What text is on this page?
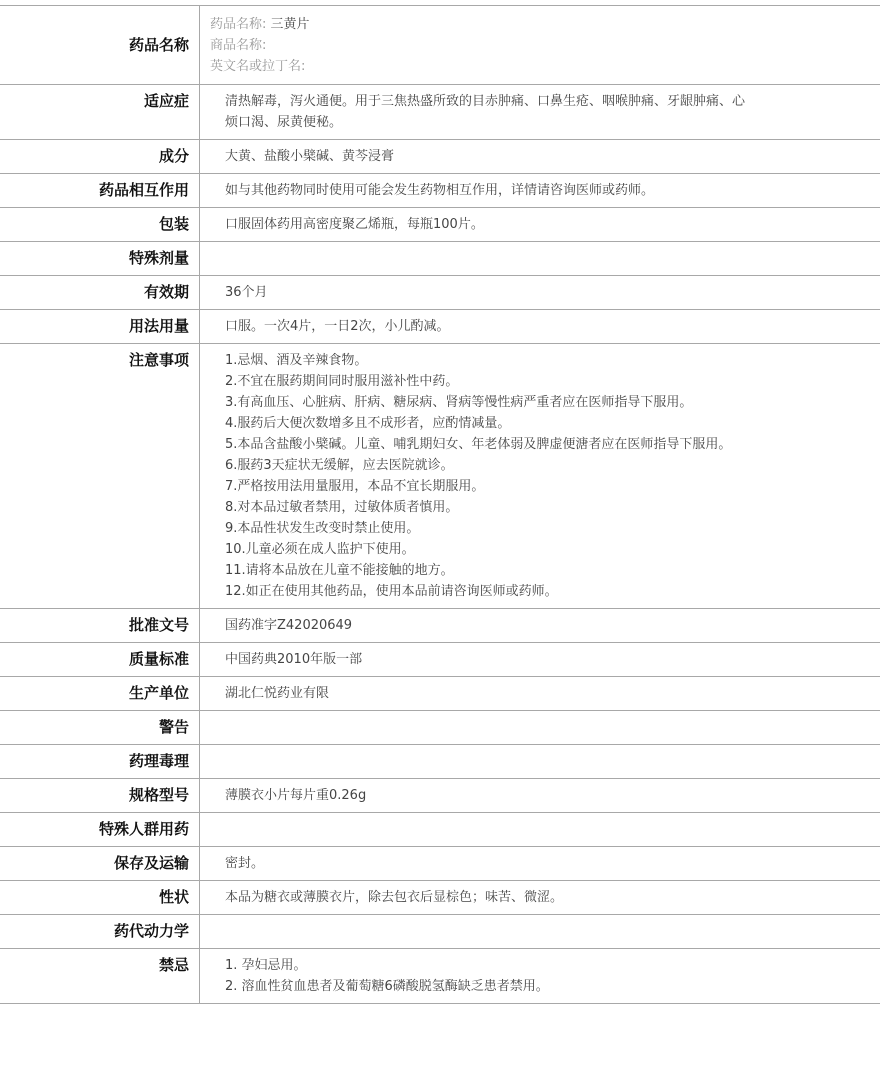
药品名称
药品名称: 三黄片
商品名称:
英文名或拉丁名:
适应症	清热解毒，泻火通便。用于三焦热盛所致的目赤肿痛、口鼻生疮、咽喉肿痛、牙龈肿痛、心
烦口渴、尿黄便秘。
成分	大黄、盐酸小檗碱、黄芩浸膏
药品相互作用	如与其他药物同时使用可能会发生药物相互作用，详情请咨询医师或药师。
包装	口服固体药用高密度聚乙烯瓶，每瓶100片。
特殊剂量

有效期	36个月
用法用量	口服。一次4片，一日2次，小儿酌减。
注意事项	1.忌烟、酒及辛辣食物。
2.不宜在服药期间同时服用滋补性中药。
3.有高血压、心脏病、肝病、糖尿病、肾病等慢性病严重者应在医师指导下服用。
4.服药后大便次数增多且不成形者，应酌情减量。
5.本品含盐酸小檗碱。儿童、哺乳期妇女、年老体弱及脾虚便溏者应在医师指导下服用。
6.服药3天症状无缓解，应去医院就诊。
7.严格按用法用量服用，本品不宜长期服用。
8.对本品过敏者禁用，过敏体质者慎用。
9.本品性状发生改变时禁止使用。
10.儿童必须在成人监护下使用。
11.请将本品放在儿童不能接触的地方。
12.如正在使用其他药品，使用本品前请咨询医师或药师。
批准文号	国药准字Z42020649
质量标准	中国药典2010年版一部
生产单位	湖北仁悦药业有限
警告

药理毒理

规格型号	薄膜衣小片每片重0.26g
特殊人群用药

保存及运输	密封。
性状	本品为糖衣或薄膜衣片，除去包衣后显棕色；味苦、微涩。
药代动力学

禁忌	1. 孕妇忌用。
2. 溶血性贫血患者及葡萄糖6磷酸脱氢酶缺乏患者禁用。
